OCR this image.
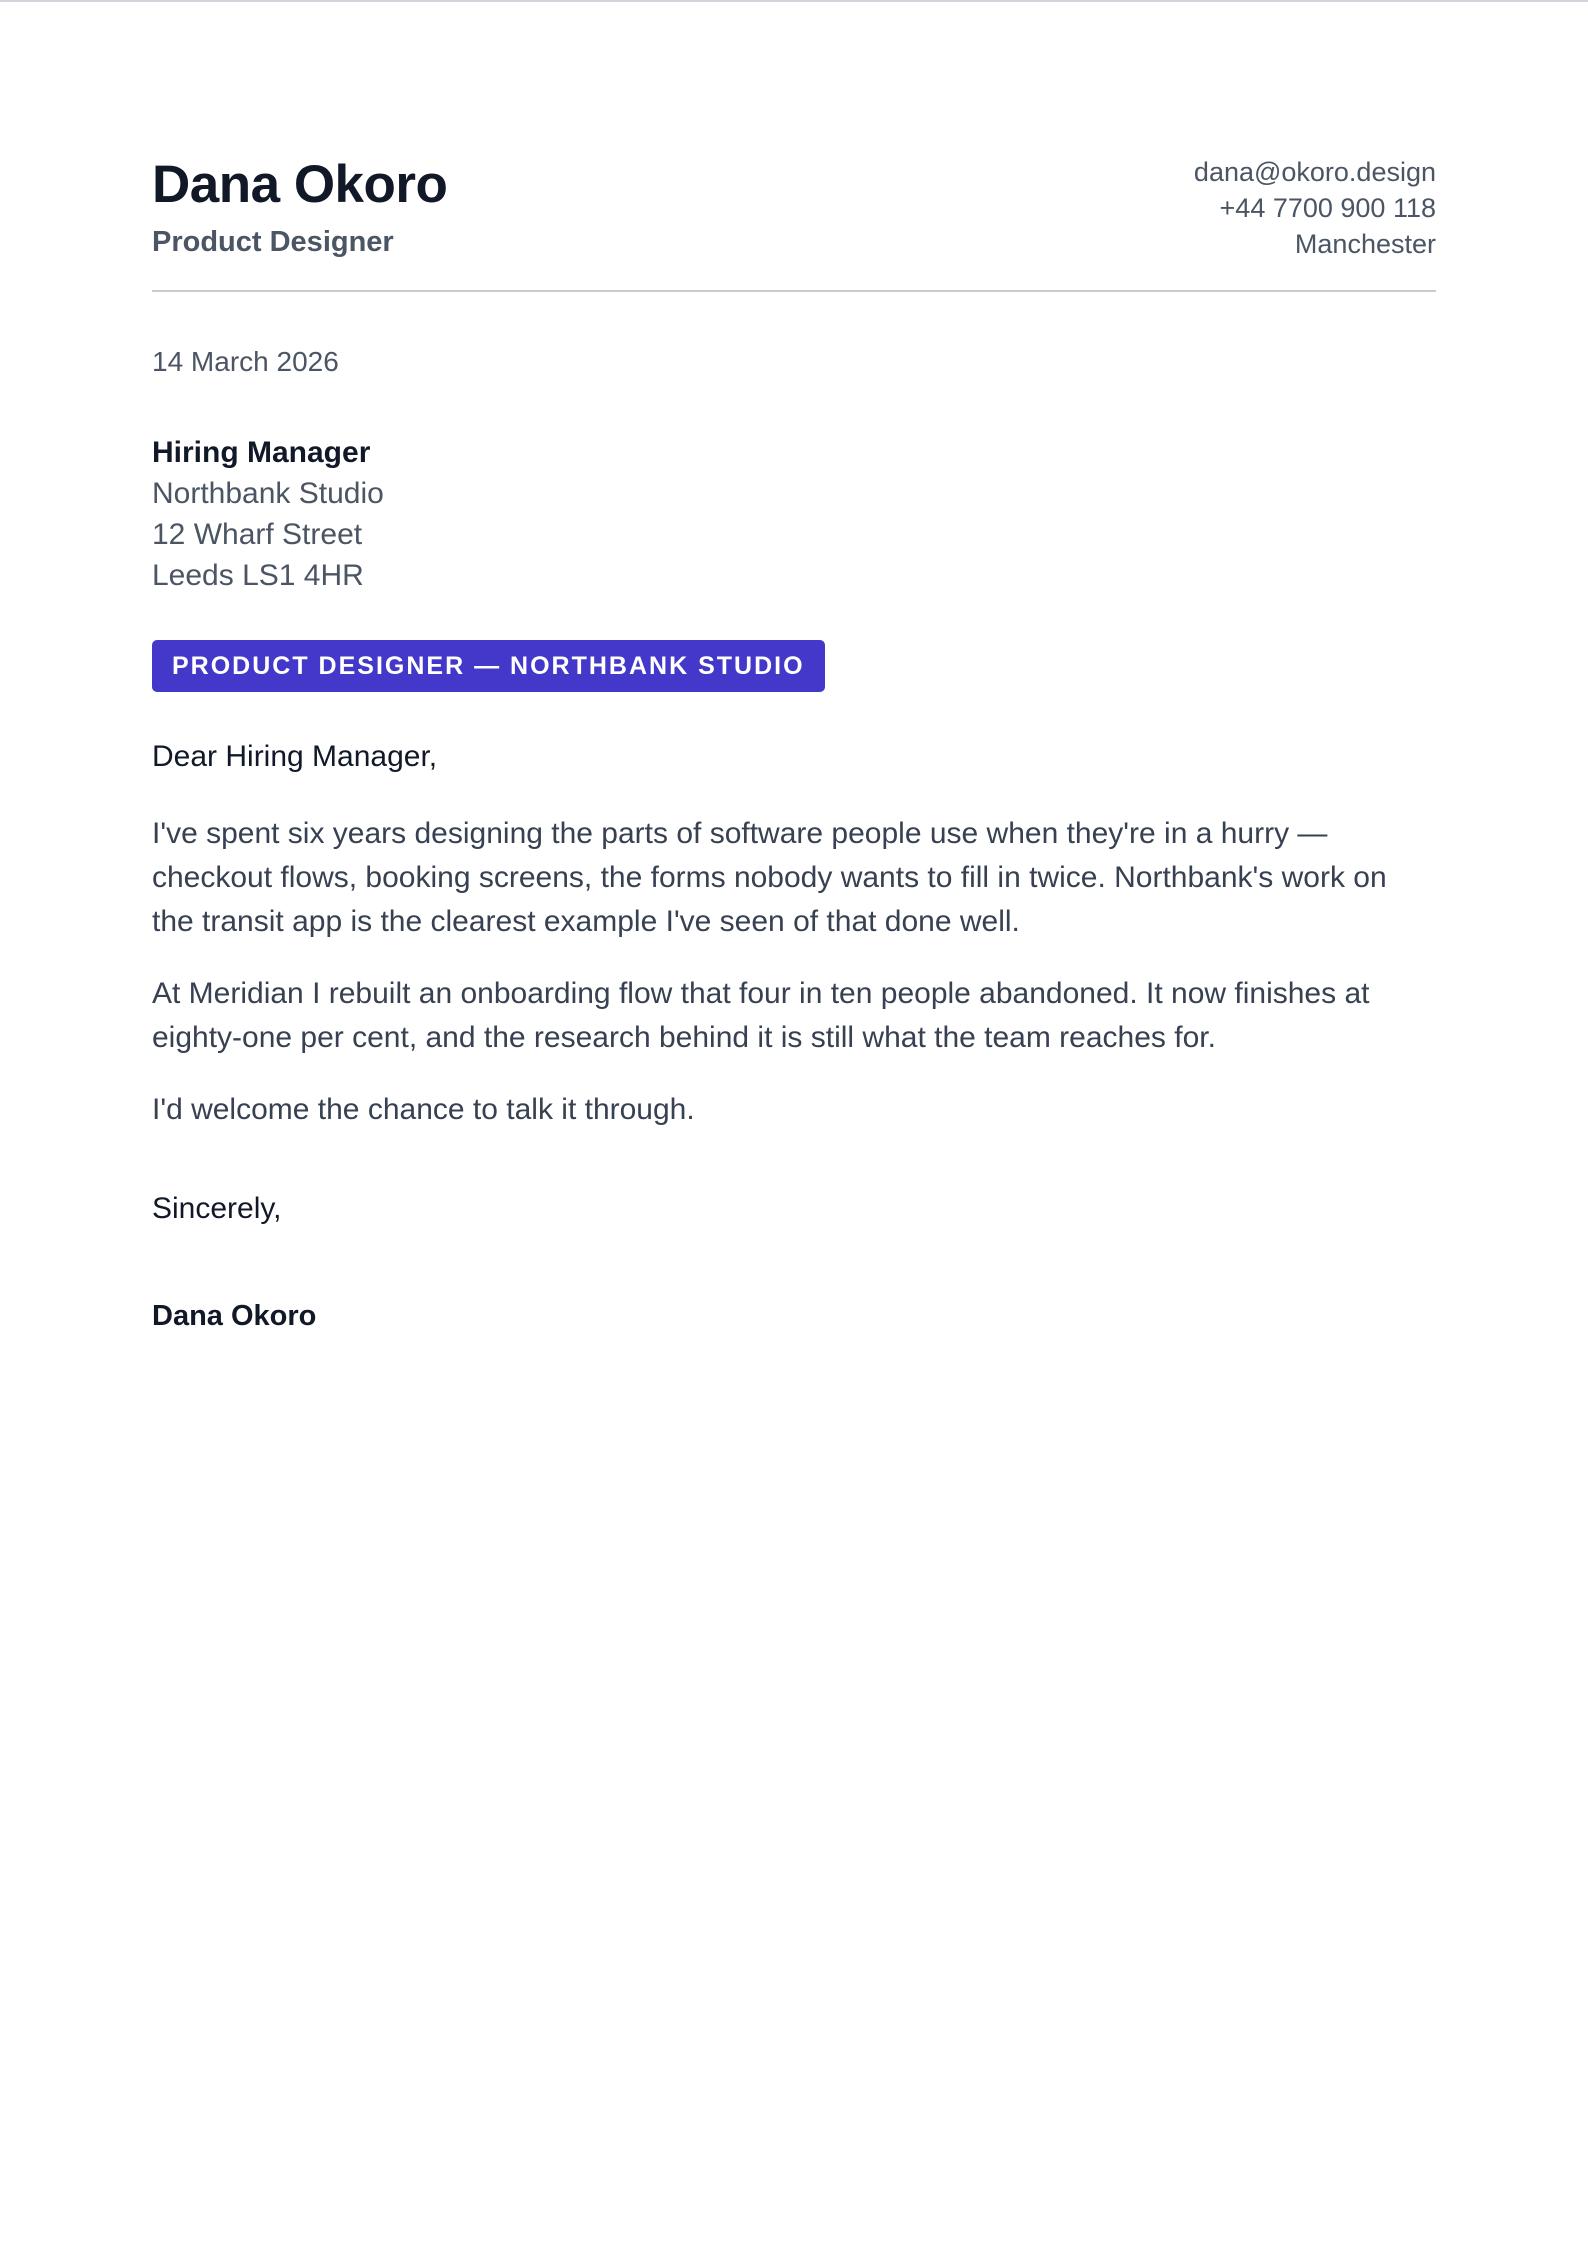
Dana Okoro
Product Designer
dana@okoro.design
+44 7700 900 118
Manchester
14 March 2026
Hiring Manager
Northbank Studio
12 Wharf Street
Leeds LS1 4HR
PRODUCT DESIGNER — NORTHBANK STUDIO
Dear Hiring Manager,

I've spent six years designing the parts of software people use when they're in a hurry — checkout flows, booking screens, the forms nobody wants to fill in twice. Northbank's work on the transit app is the clearest example I've seen of that done well.

At Meridian I rebuilt an onboarding flow that four in ten people abandoned. It now finishes at eighty-one per cent, and the research behind it is still what the team reaches for.

I'd welcome the chance to talk it through.

Sincerely,
Dana Okoro
